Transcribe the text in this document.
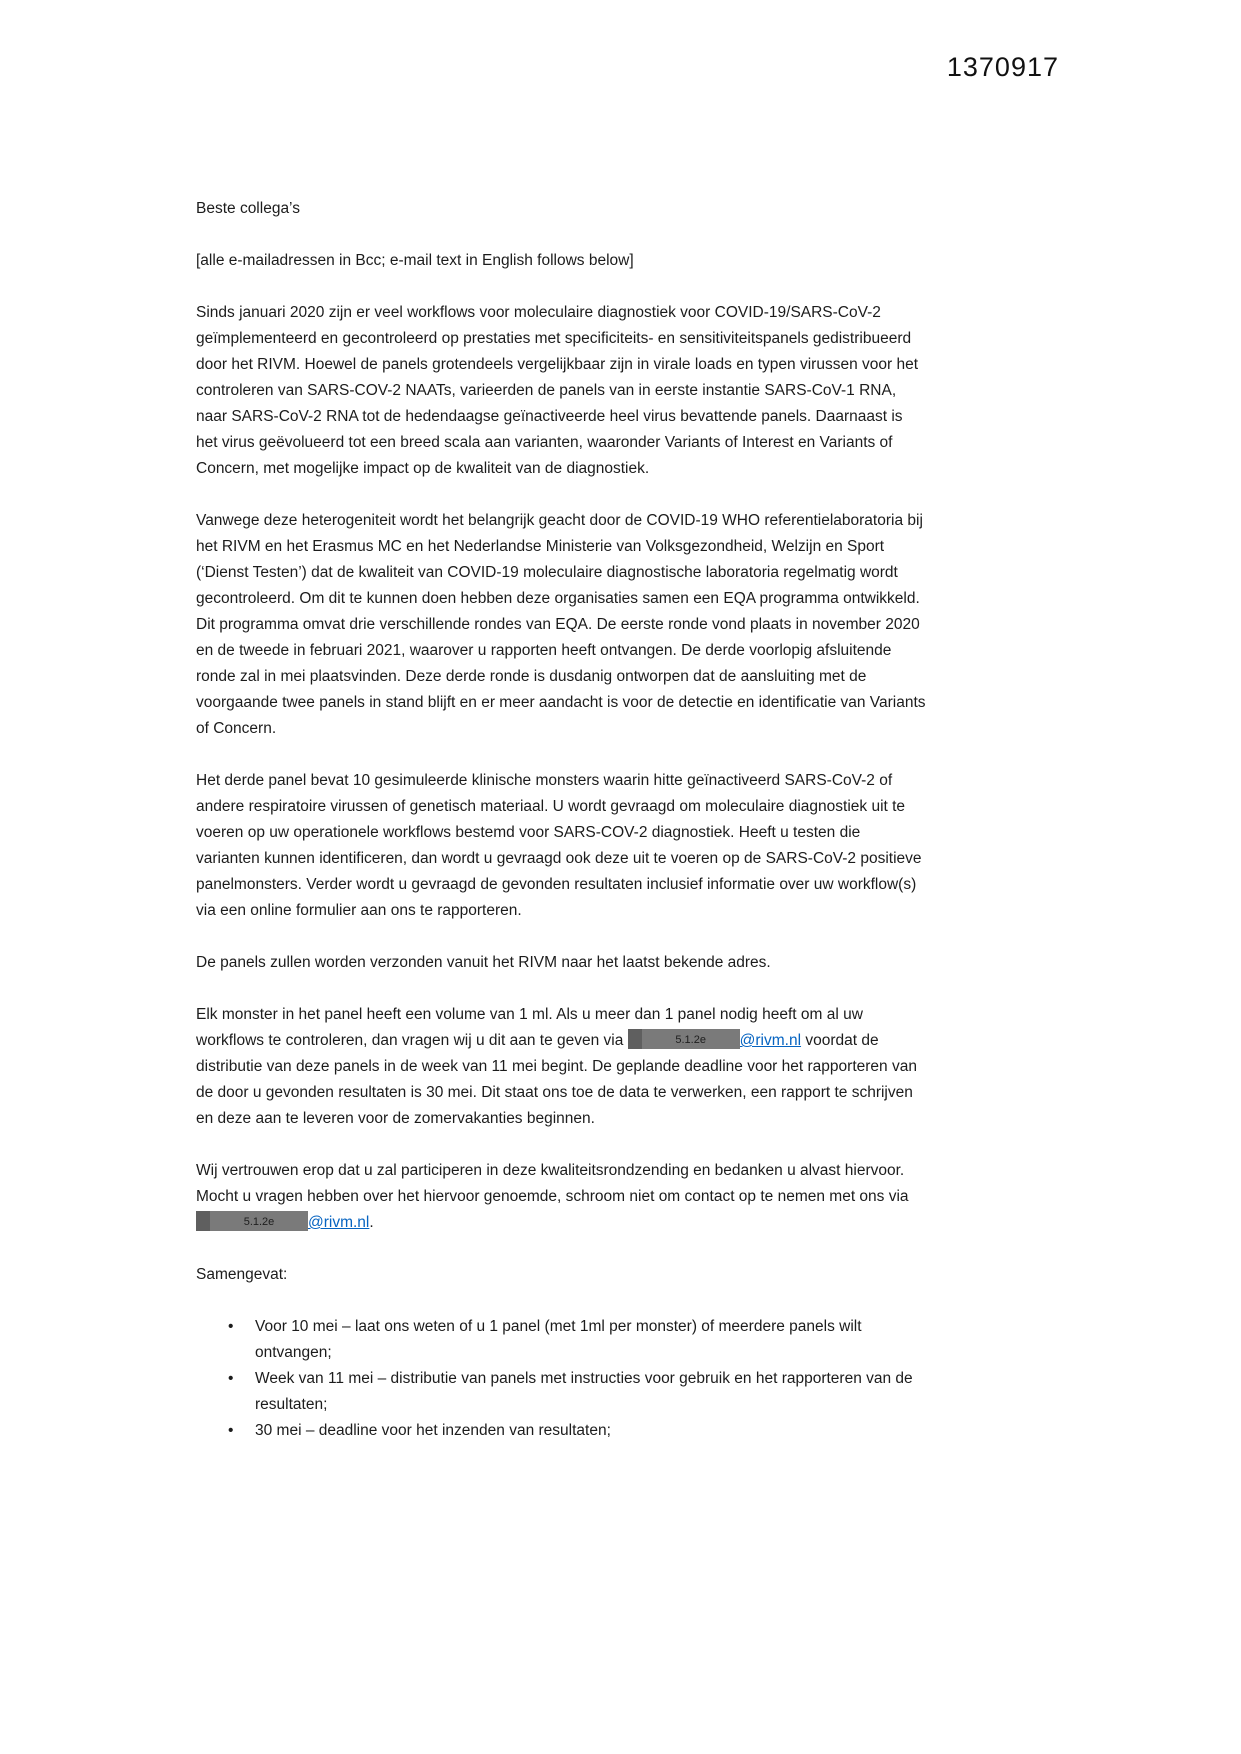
1370917

Beste collega’s

[alle e-mailadressen in Bcc; e-mail text in English follows below]

Sinds januari 2020 zijn er veel workflows voor moleculaire diagnostiek voor COVID-19/SARS-CoV-2 geïmplementeerd en gecontroleerd op prestaties met specificiteits- en sensitiviteitspanels gedistribueerd door het RIVM. Hoewel de panels grotendeels vergelijkbaar zijn in virale loads en typen virussen voor het controleren van SARS-COV-2 NAATs, varieerden de panels van in eerste instantie SARS-CoV-1 RNA, naar SARS-CoV-2 RNA tot de hedendaagse geïnactiveerde heel virus bevattende panels. Daarnaast is het virus geëvolueerd tot een breed scala aan varianten, waaronder Variants of Interest en Variants of Concern, met mogelijke impact op de kwaliteit van de diagnostiek.

Vanwege deze heterogeniteit wordt het belangrijk geacht door de COVID-19 WHO referentielaboratoria bij het RIVM en het Erasmus MC en het Nederlandse Ministerie van Volksgezondheid, Welzijn en Sport (‘Dienst Testen’) dat de kwaliteit van COVID-19 moleculaire diagnostische laboratoria regelmatig wordt gecontroleerd. Om dit te kunnen doen hebben deze organisaties samen een EQA programma ontwikkeld. Dit programma omvat drie verschillende rondes van EQA. De eerste ronde vond plaats in november 2020 en de tweede in februari 2021, waarover u rapporten heeft ontvangen. De derde voorlopig afsluitende ronde zal in mei plaatsvinden. Deze derde ronde is dusdanig ontworpen dat de aansluiting met de voorgaande twee panels in stand blijft en er meer aandacht is voor de detectie en identificatie van Variants of Concern.

Het derde panel bevat 10 gesimuleerde klinische monsters waarin hitte geïnactiveerd SARS-CoV-2 of andere respiratoire virussen of genetisch materiaal. U wordt gevraagd om moleculaire diagnostiek uit te voeren op uw operationele workflows bestemd voor SARS-COV-2 diagnostiek. Heeft u testen die varianten kunnen identificeren, dan wordt u gevraagd ook deze uit te voeren op de SARS-CoV-2 positieve panelmonsters. Verder wordt u gevraagd de gevonden resultaten inclusief informatie over uw workflow(s) via een online formulier aan ons te rapporteren.

De panels zullen worden verzonden vanuit het RIVM naar het laatst bekende adres.

Elk monster in het panel heeft een volume van 1 ml. Als u meer dan 1 panel nodig heeft om al uw workflows te controleren, dan vragen wij u dit aan te geven via	5.1.2e @rivm.nl voordat de distributie van deze panels in de week van 11 mei begint. De geplande deadline voor het rapporteren van de door u gevonden resultaten is 30 mei. Dit staat ons toe de data te verwerken, een rapport te schrijven en deze aan te leveren voor de zomervakanties beginnen.

Wij vertrouwen erop dat u zal participeren in deze kwaliteitsrondzending en bedanken u alvast hiervoor. Mocht u vragen hebben over het hiervoor genoemde, schroom niet om contact op te nemen met ons via 5.1.2e @rivm.nl.

Samengevat:

• Voor 10 mei – laat ons weten of u 1 panel (met 1ml per monster) of meerdere panels wilt ontvangen;
• Week van 11 mei – distributie van panels met instructies voor gebruik en het rapporteren van de resultaten;
• 30 mei – deadline voor het inzenden van resultaten;
